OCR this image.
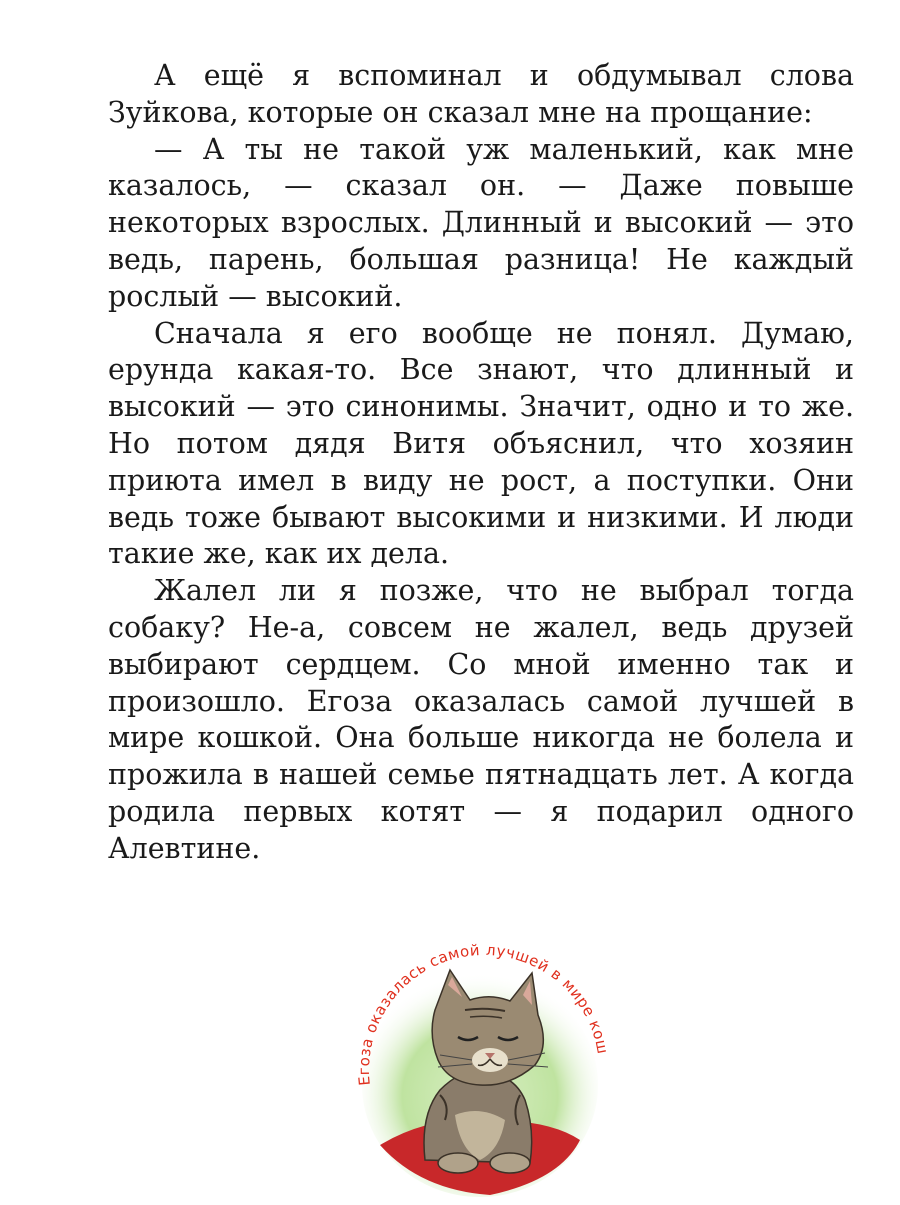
А ещё я вспоминал и обдумывал слова Зуйкова, которые он сказал мне на прощание:

— А ты не такой уж маленький, как мне казалось, — сказал он. — Даже повыше некоторых взрослых. Длинный и высокий — это ведь, парень, большая разница! Не каждый рослый — высокий.

Сначала я его вообще не понял. Думаю, ерунда какая-то. Все знают, что длинный и высокий — это синонимы. Значит, одно и то же. Но потом дядя Витя объяснил, что хозяин приюта имел в виду не рост, а поступки. Они ведь тоже бывают высокими и низкими. И люди такие же, как их дела.

Жалел ли я позже, что не выбрал тогда собаку? Не-а, совсем не жалел, ведь друзей выбирают сердцем. Со мной именно так и произошло. Егоза оказалась самой лучшей в мире кошкой. Она больше никогда не болела и прожила в нашей семье пятнадцать лет. А когда родила первых котят — я подарил одного Алевтине.

Егоза оказалась самой лучшей в мире кош
